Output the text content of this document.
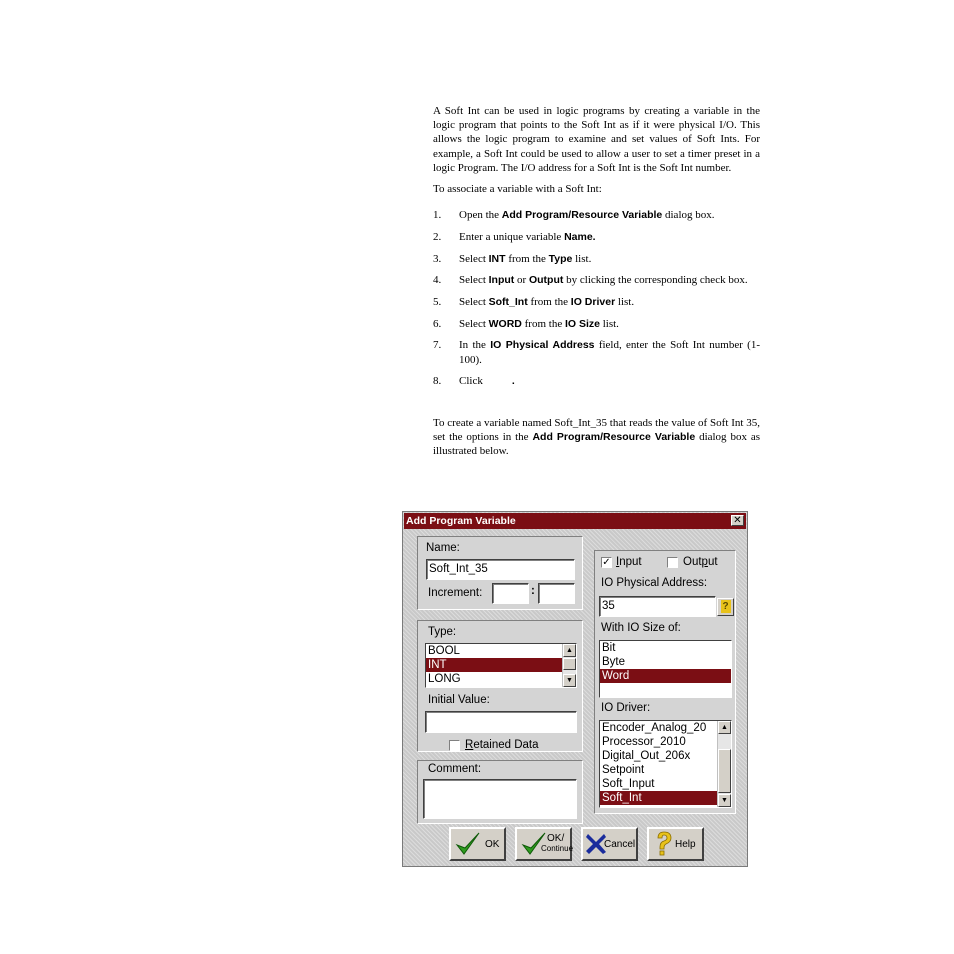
A Soft Int can be used in logic programs by creating a variable in the logic program that points to the Soft Int as if it were physical I/O. This allows the logic program to examine and set values of Soft Ints. For example, a Soft Int could be used to allow a user to set a timer preset in a logic Program. The I/O address for a Soft Int is the Soft Int number.

To associate a variable with a Soft Int:

1. Open the Add Program/Resource Variable dialog box.
2. Enter a unique variable Name.
3. Select INT from the Type list.
4. Select Input or Output by clicking the corresponding check box.
5. Select Soft_Int from the IO Driver list.
6. Select WORD from the IO Size list.
7. In the IO Physical Address field, enter the Soft Int number (1-100).
8. Click	.

To create a variable named Soft_Int_35 that reads the value of Soft Int 35, set the options in the Add Program/Resource Variable dialog box as illustrated below.

Add Program Variable	✕
Name:
Soft_Int_35
Increment:	:
Type:
BOOL
INT
LONG
▲
▼
Initial Value:
Retained Data
Comment:
✓ Input	Output
IO Physical Address:
35	?
With IO Size of:
Bit
Byte
Word
IO Driver:
Encoder_Analog_20
Processor_2010
Digital_Out_206x
Setpoint
Soft_Input
Soft_Int
▲
▼
OK
OK/
Continue	Cancel	Help
